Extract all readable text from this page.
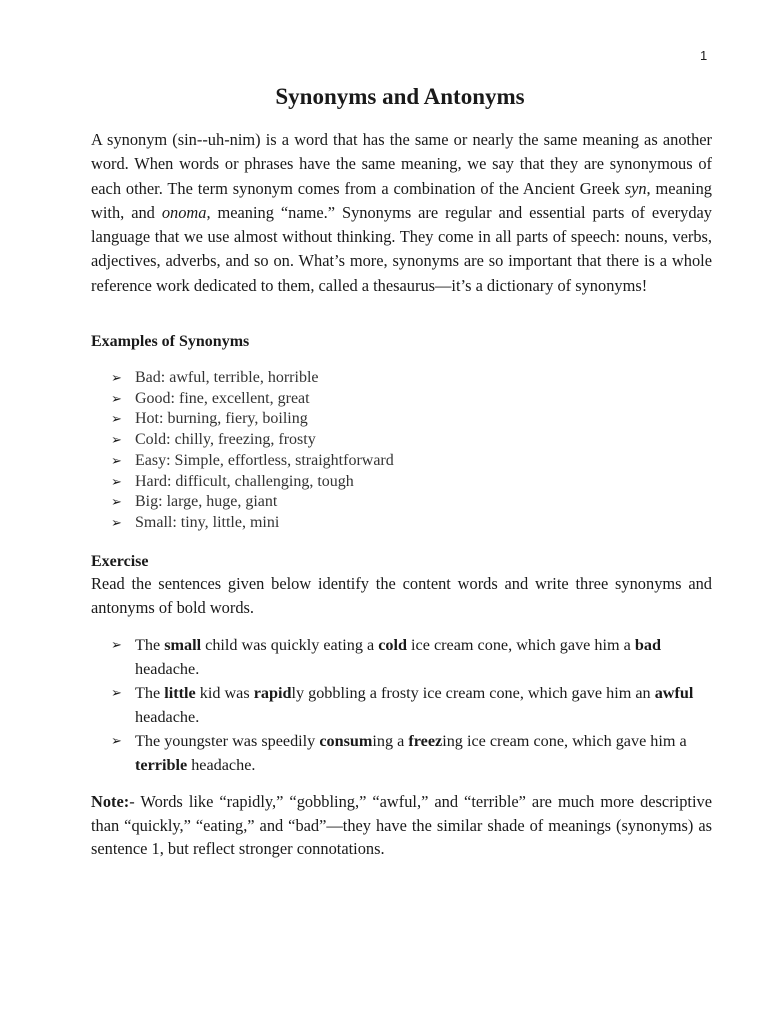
1
Synonyms and Antonyms

A synonym (sin--uh-nim) is a word that has the same or nearly the same meaning as another word. When words or phrases have the same meaning, we say that they are synonymous of each other. The term synonym comes from a combination of the Ancient Greek syn, meaning with, and onoma, meaning “name.” Synonyms are regular and essential parts of everyday language that we use almost without thinking. They come in all parts of speech: nouns, verbs, adjectives, adverbs, and so on. What’s more, synonyms are so important that there is a whole reference work dedicated to them, called a thesaurus—it’s a dictionary of synonyms!

Examples of Synonyms

➢ Bad: awful, terrible, horrible
➢ Good: fine, excellent, great
➢ Hot: burning, fiery, boiling
➢ Cold: chilly, freezing, frosty
➢ Easy: Simple, effortless, straightforward
➢ Hard: difficult, challenging, tough
➢ Big: large, huge, giant
➢ Small: tiny, little, mini

Exercise

Read the sentences given below identify the content words and write three synonyms and antonyms of bold words.

➢ The small child was quickly eating a cold ice cream cone, which gave him a bad headache.
➢ The little kid was rapidly gobbling a frosty ice cream cone, which gave him an awful headache.
➢ The youngster was speedily consuming a freezing ice cream cone, which gave him a terrible headache.

Note:- Words like “rapidly,” “gobbling,” “awful,” and “terrible” are much more descriptive than “quickly,” “eating,” and “bad”—they have the similar shade of meanings (synonyms) as sentence 1, but reflect stronger connotations.
